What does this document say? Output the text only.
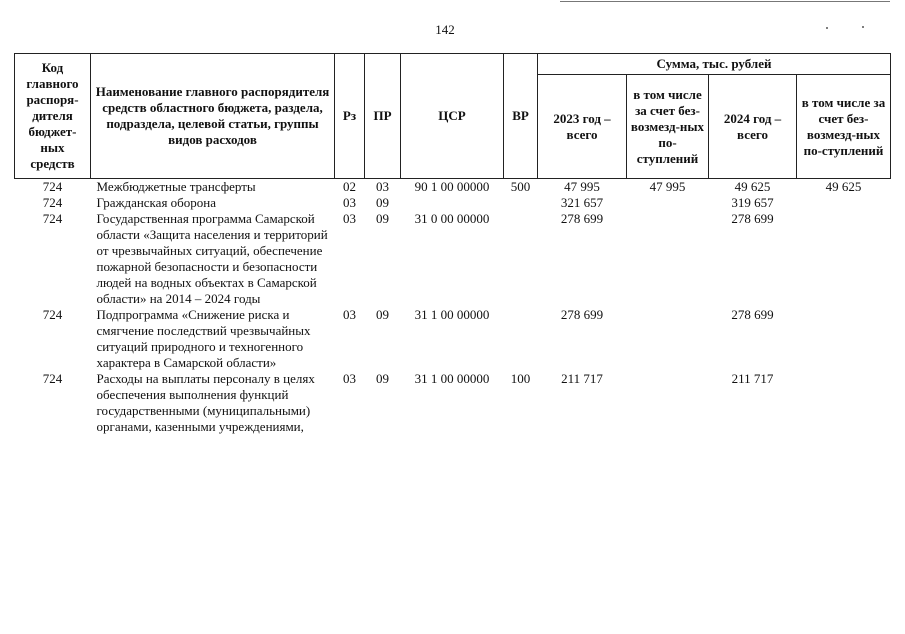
142
Код главного распоря-дителя бюджет-ных средств	Наименование главного распорядителя средств областного бюджета, раздела, подраздела, целевой статьи, группы видов расходов	Рз	ПР	ЦСР	ВР	Сумма, тыс. рублей			
						2023 год – всего	в том числе за счет без-возмезд-ных по-ступлений	2024 год – всего	в том числе за счет без-возмезд-ных по-ступлений
724	Межбюджетные трансферты	02	03	90 1 00 00000	500	47 995	47 995	49 625	49 625
724	Гражданская оборона	03	09			321 657		319 657	
724	Государственная программа Самарской области «Защита населения и территорий от чрезвычайных ситуаций, обеспечение пожарной безопасности и безопасности людей на водных объектах в Самарской области» на 2014 – 2024 годы	03	09	31 0 00 00000		278 699		278 699	
724	Подпрограмма «Снижение риска и смягчение последствий чрезвычайных ситуаций природного и техногенного характера в Самарской области»	03	09	31 1 00 00000		278 699		278 699	
724	Расходы на выплаты персоналу в целях обеспечения выполнения функций государственными (муниципальными) органами, казенными учреждениями,	03	09	31 1 00 00000	100	211 717		211 717	
